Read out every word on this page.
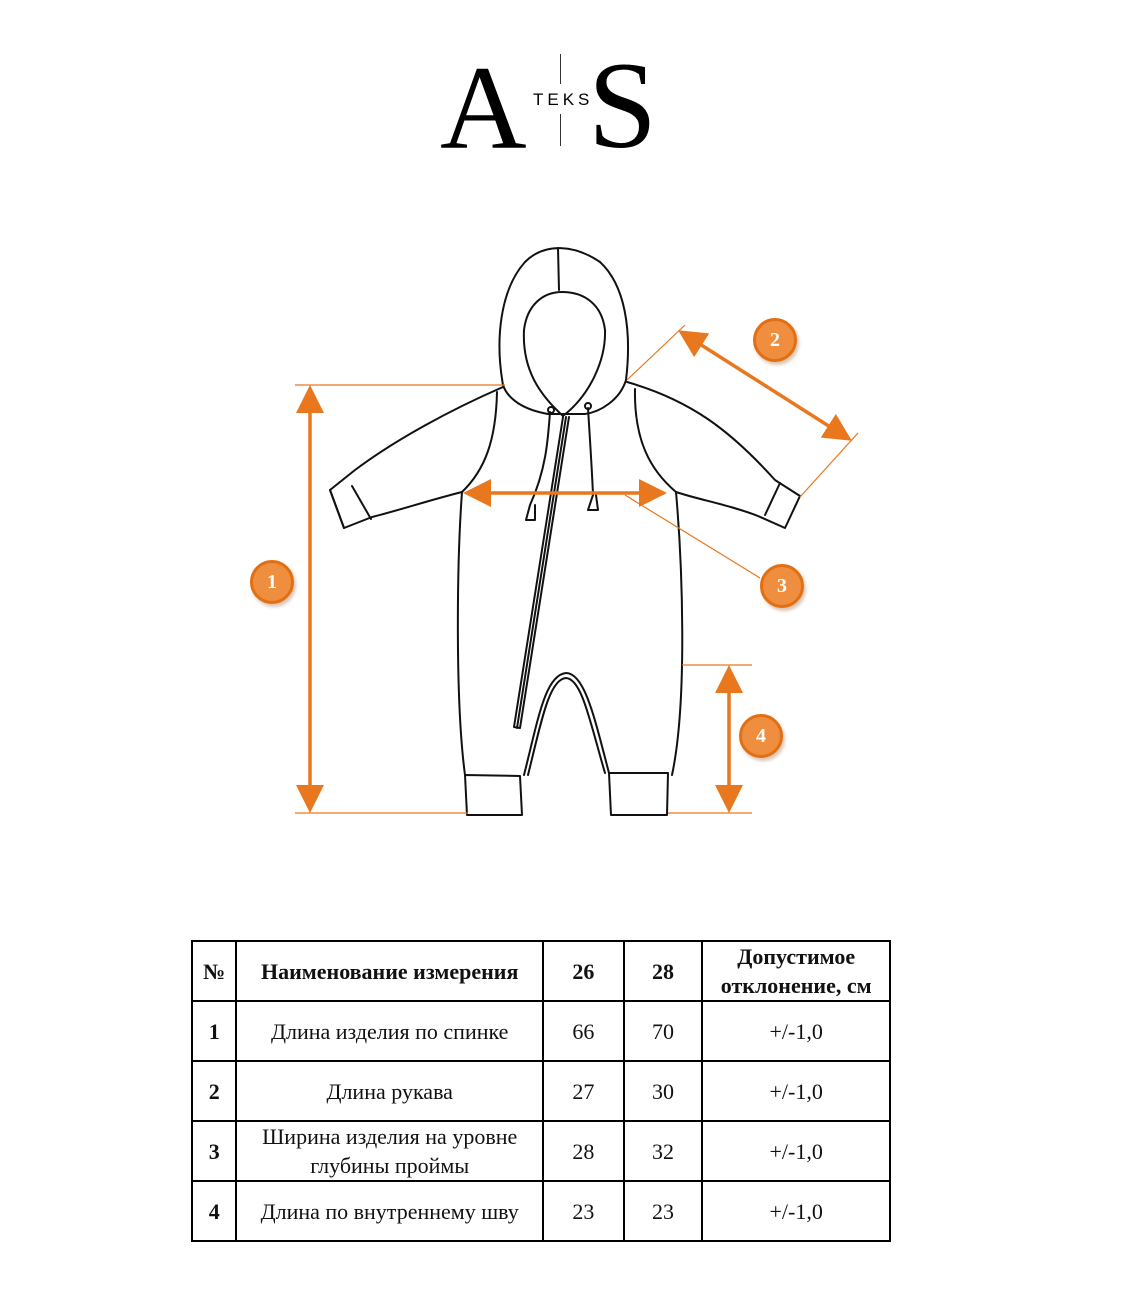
A TEKS
S
1
2
3
4
№	Наименование измерения	26	28	Допустимое отклонение, см
1	Длина изделия по спинке	66	70	+/-1,0
2	Длина рукава	27	30	+/-1,0
3	Ширина изделия на уровне глубины проймы	28	32	+/-1,0
4	Длина по внутреннему шву	23	23	+/-1,0
